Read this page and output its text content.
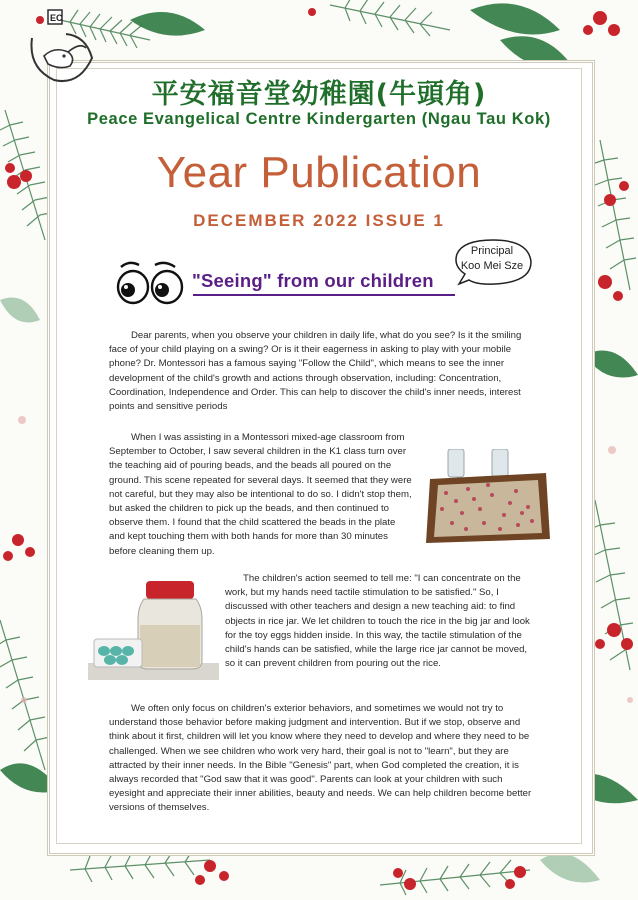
EC
平安福音堂幼稚園(牛頭角)
Peace Evangelical Centre Kindergarten (Ngau Tau Kok)
Year Publication
DECEMBER 2022 ISSUE 1
"Seeing" from our children
Principal
Koo Mei Sze

Dear parents, when you observe your children in daily life, what do you see? Is it the smiling face of your child playing on a swing? Or is it their eagerness in asking to play with your mobile phone? Dr. Montessori has a famous saying "Follow the Child", which means to see the inner development of the child's growth and actions through observation, including: Concentration, Coordination, Independence and Order. This can help to discover the child's inner needs, interest points and sensitive periods

When I was assisting in a Montessori mixed-age classroom from September to October, I saw several children in the K1 class turn over the teaching aid of pouring beads, and the beads all poured on the ground. This scene repeated for several days. It seemed that they were not careful, but they may also be intentional to do so. I didn't stop them, but asked the children to pick up the beads, and then continued to observe them. I found that the child scattered the beads in the plate and kept touching them with both hands for more than 30 minutes before cleaning them up.

The children's action seemed to tell me: "I can concentrate on the work, but my hands need tactile stimulation to be satisfied." So, I discussed with other teachers and design a new teaching aid: to find objects in rice jar. We let children to touch the rice in the big jar and look for the toy eggs hidden inside. In this way, the tactile stimulation of the child's hands can be satisfied, while the large rice jar cannot be moved, so it can prevent children from pouring out the rice.

We often only focus on children's exterior behaviors, and sometimes we would not try to understand those behavior before making judgment and intervention. But if we stop, observe and think about it first, children will let you know where they need to develop and where they need to be challenged. When we see children who work very hard, their goal is not to "learn", but they are attracted by their inner needs. In the Bible "Genesis" part, when God completed the creation, it is always recorded that "God saw that it was good". Parents can look at your children with such eyesight and appreciate their inner abilities, beauty and needs. We can help children become better versions of themselves.
